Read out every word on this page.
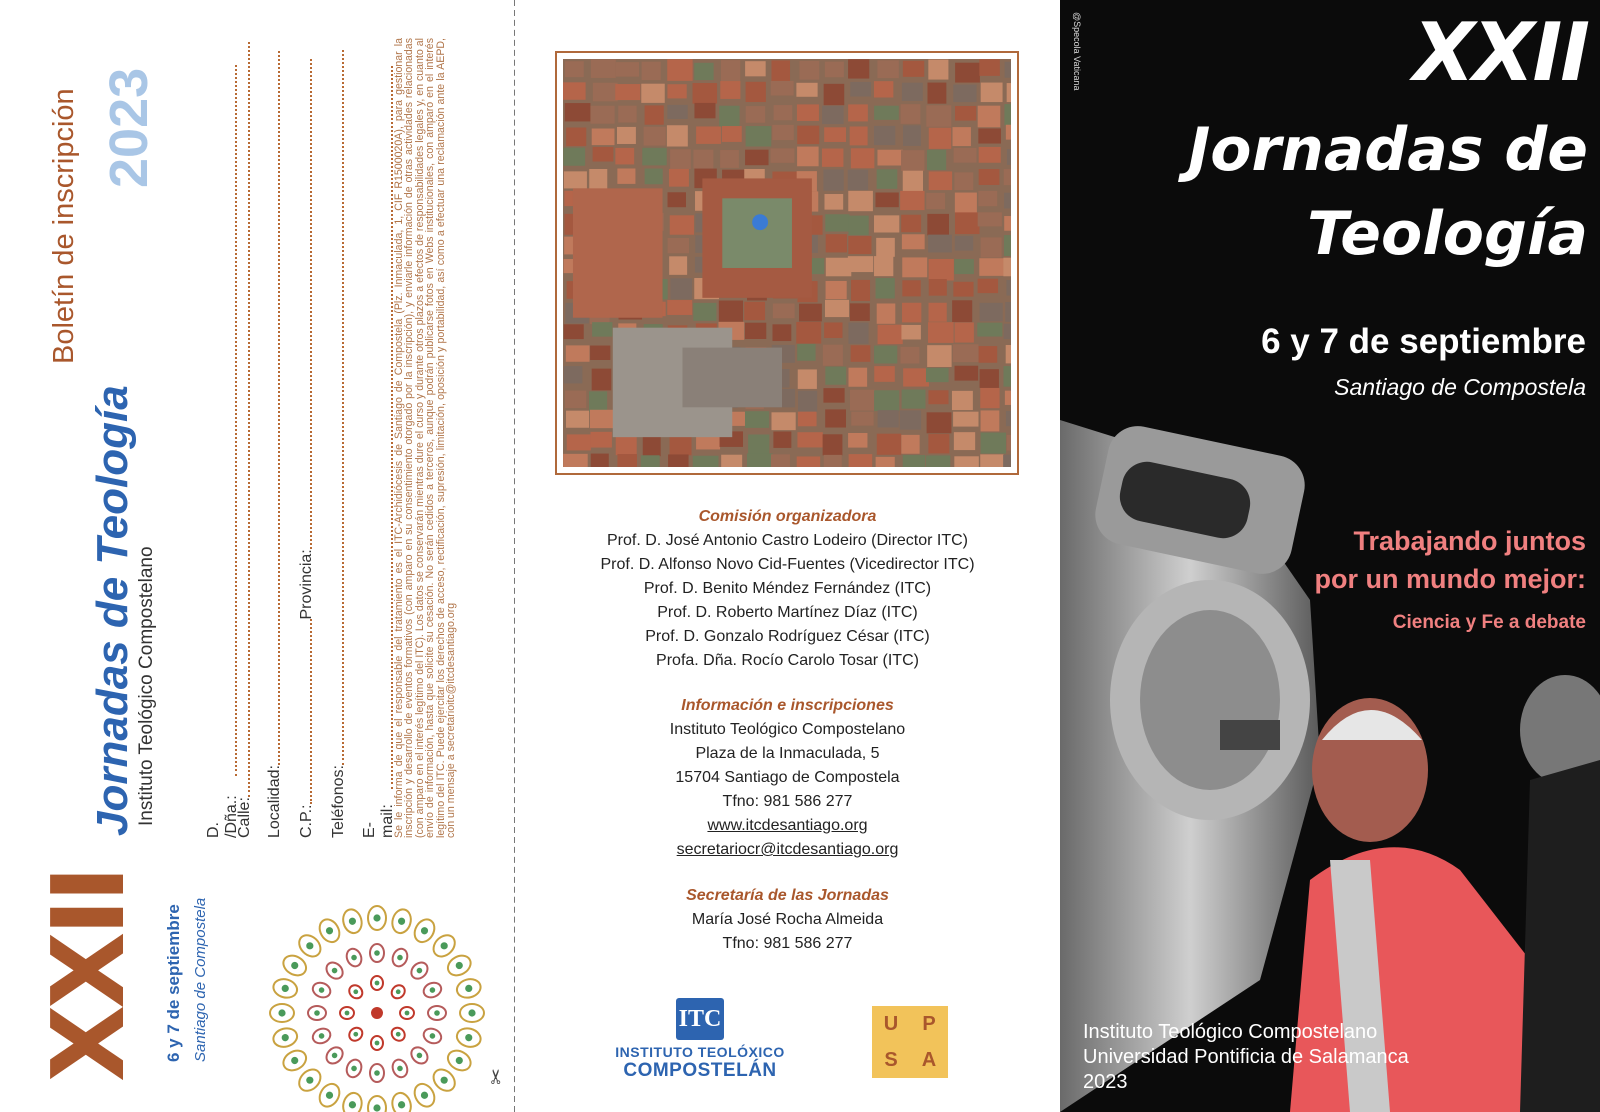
Boletín de inscripción 2023
Jornadas de Teología Instituto Teológico Compostelano
XXII 6 y 7 de septiembre Santiago de Compostela
D. /Dña.:
Calle: Localidad: C.P.:
Provincia:
Teléfonos: E-mail:
Se le informa de que el responsable del tratamiento es el ITC-Archidiócesis de Santiago de Compostela (Plz. Inmaculada, 1, CIF R1500020A), para gestionar la inscripción y desarrollo de eventos formativos (con amparo en su consentimiento otorgado por la inscripción), y enviarle información de otras actividades relacionadas (con amparo en el interés legítimo del ITC). Los datos se conservarán mientras dure el curso y durante otros plazos a efectos de responsabilidades legales y, en cuanto al envío de información, hasta que solicite su cesación. No serán cedidos a terceros, aunque podrán publicarse fotos en Webs institucionales, con amparo en el interés legítimo del ITC. Puede ejercitar los derechos de acceso, rectificación, supresión, limitación, oposición y portabilidad, así como a efectuar una reclamación ante la AEPD, con un mensaje a secretarioitc@itcdesantiago.org
✂
Comisión organizadora
Prof. D. José Antonio Castro Lodeiro (Director ITC)
Prof. D. Alfonso Novo Cid-Fuentes (Vicedirector ITC)
Prof. D. Benito Méndez Fernández (ITC)
Prof. D. Roberto Martínez Díaz (ITC)
Prof. D. Gonzalo Rodríguez César (ITC)
Profa. Dña. Rocío Carolo Tosar (ITC)
Información e inscripciones
Instituto Teológico Compostelano
Plaza de la Inmaculada, 5
15704 Santiago de Compostela
Tfno: 981 586 277
www.itcdesantiago.org
secretariocr@itcdesantiago.org
Secretaría de las Jornadas
María José Rocha Almeida
Tfno: 981 586 277
ITC
INSTITUTO TEOLÓXICO
COMPOSTELÁN
U	P
S	A
@Specola Vaticana	XXII
Jornadas de
Teología
6 y 7 de septiembre
Santiago de Compostela
Trabajando juntos
por un mundo mejor:
Ciencia y Fe a debate
Instituto Teológico Compostelano
Universidad Pontificia de Salamanca
2023
